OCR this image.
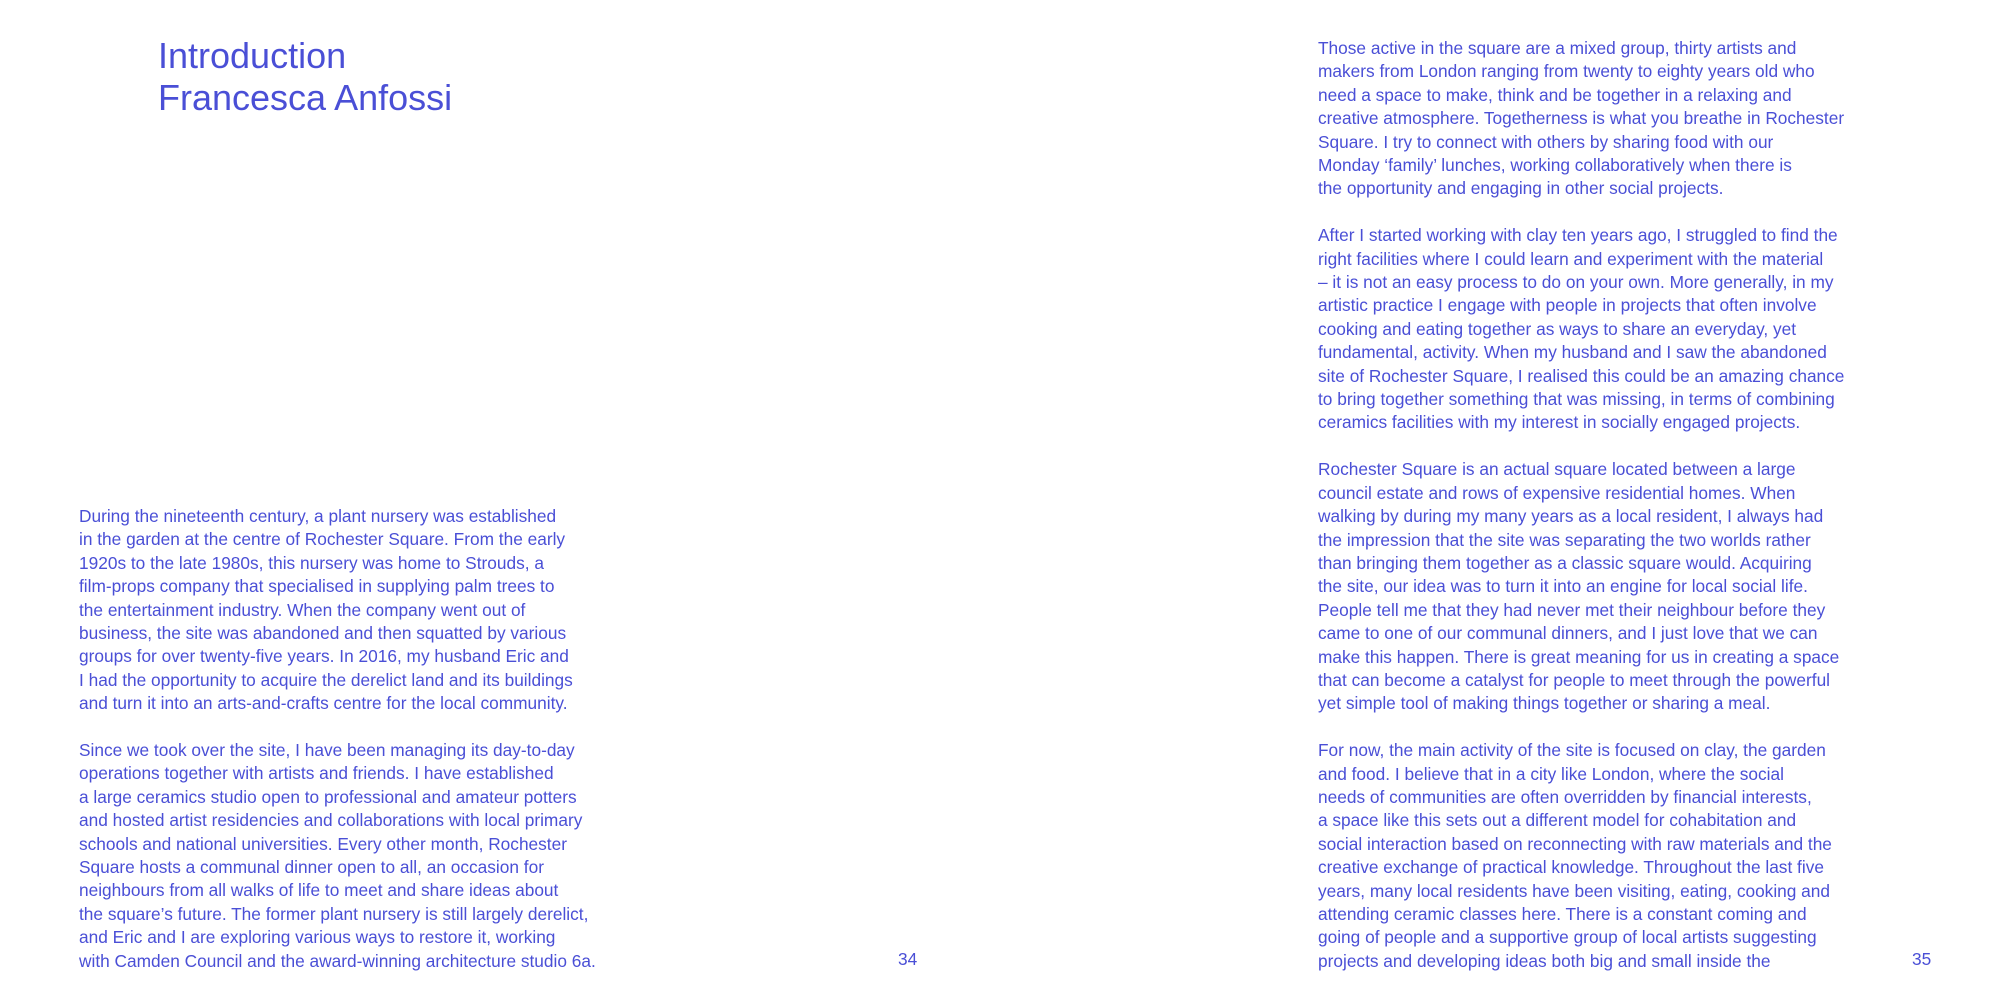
Introduction
Francesca Anfossi

During the nineteenth century, a plant nursery was established
in the garden at the centre of Rochester Square. From the early
1920s to the late 1980s, this nursery was home to Strouds, a
film-props company that specialised in supplying palm trees to
the entertainment industry. When the company went out of
business, the site was abandoned and then squatted by various
groups for over twenty-five years. In 2016, my husband Eric and
I had the opportunity to acquire the derelict land and its buildings
and turn it into an arts-and-crafts centre for the local community.

Since we took over the site, I have been managing its day-to-day
operations together with artists and friends. I have established
a large ceramics studio open to professional and amateur potters
and hosted artist residencies and collaborations with local primary
schools and national universities. Every other month, Rochester
Square hosts a communal dinner open to all, an occasion for
neighbours from all walks of life to meet and share ideas about
the square’s future. The former plant nursery is still largely derelict,
and Eric and I are exploring various ways to restore it, working
with Camden Council and the award-winning architecture studio 6a.	34

Those active in the square are a mixed group, thirty artists and
makers from London ranging from twenty to eighty years old who
need a space to make, think and be together in a relaxing and
creative atmosphere. Togetherness is what you breathe in Rochester
Square. I try to connect with others by sharing food with our
Monday ‘family’ lunches, working collaboratively when there is
the opportunity and engaging in other social projects.

After I started working with clay ten years ago, I struggled to find the
right facilities where I could learn and experiment with the material
– it is not an easy process to do on your own. More generally, in my
artistic practice I engage with people in projects that often involve
cooking and eating together as ways to share an everyday, yet
fundamental, activity. When my husband and I saw the abandoned
site of Rochester Square, I realised this could be an amazing chance
to bring together something that was missing, in terms of combining
ceramics facilities with my interest in socially engaged projects.

Rochester Square is an actual square located between a large
council estate and rows of expensive residential homes. When
walking by during my many years as a local resident, I always had
the impression that the site was separating the two worlds rather
than bringing them together as a classic square would. Acquiring
the site, our idea was to turn it into an engine for local social life.
People tell me that they had never met their neighbour before they
came to one of our communal dinners, and I just love that we can
make this happen. There is great meaning for us in creating a space
that can become a catalyst for people to meet through the powerful
yet simple tool of making things together or sharing a meal.

For now, the main activity of the site is focused on clay, the garden
and food. I believe that in a city like London, where the social
needs of communities are often overridden by financial interests,
a space like this sets out a different model for cohabitation and
social interaction based on reconnecting with raw materials and the
creative exchange of practical knowledge. Throughout the last five
years, many local residents have been visiting, eating, cooking and
attending ceramic classes here. There is a constant coming and
going of people and a supportive group of local artists suggesting
projects and developing ideas both big and small inside the	35
